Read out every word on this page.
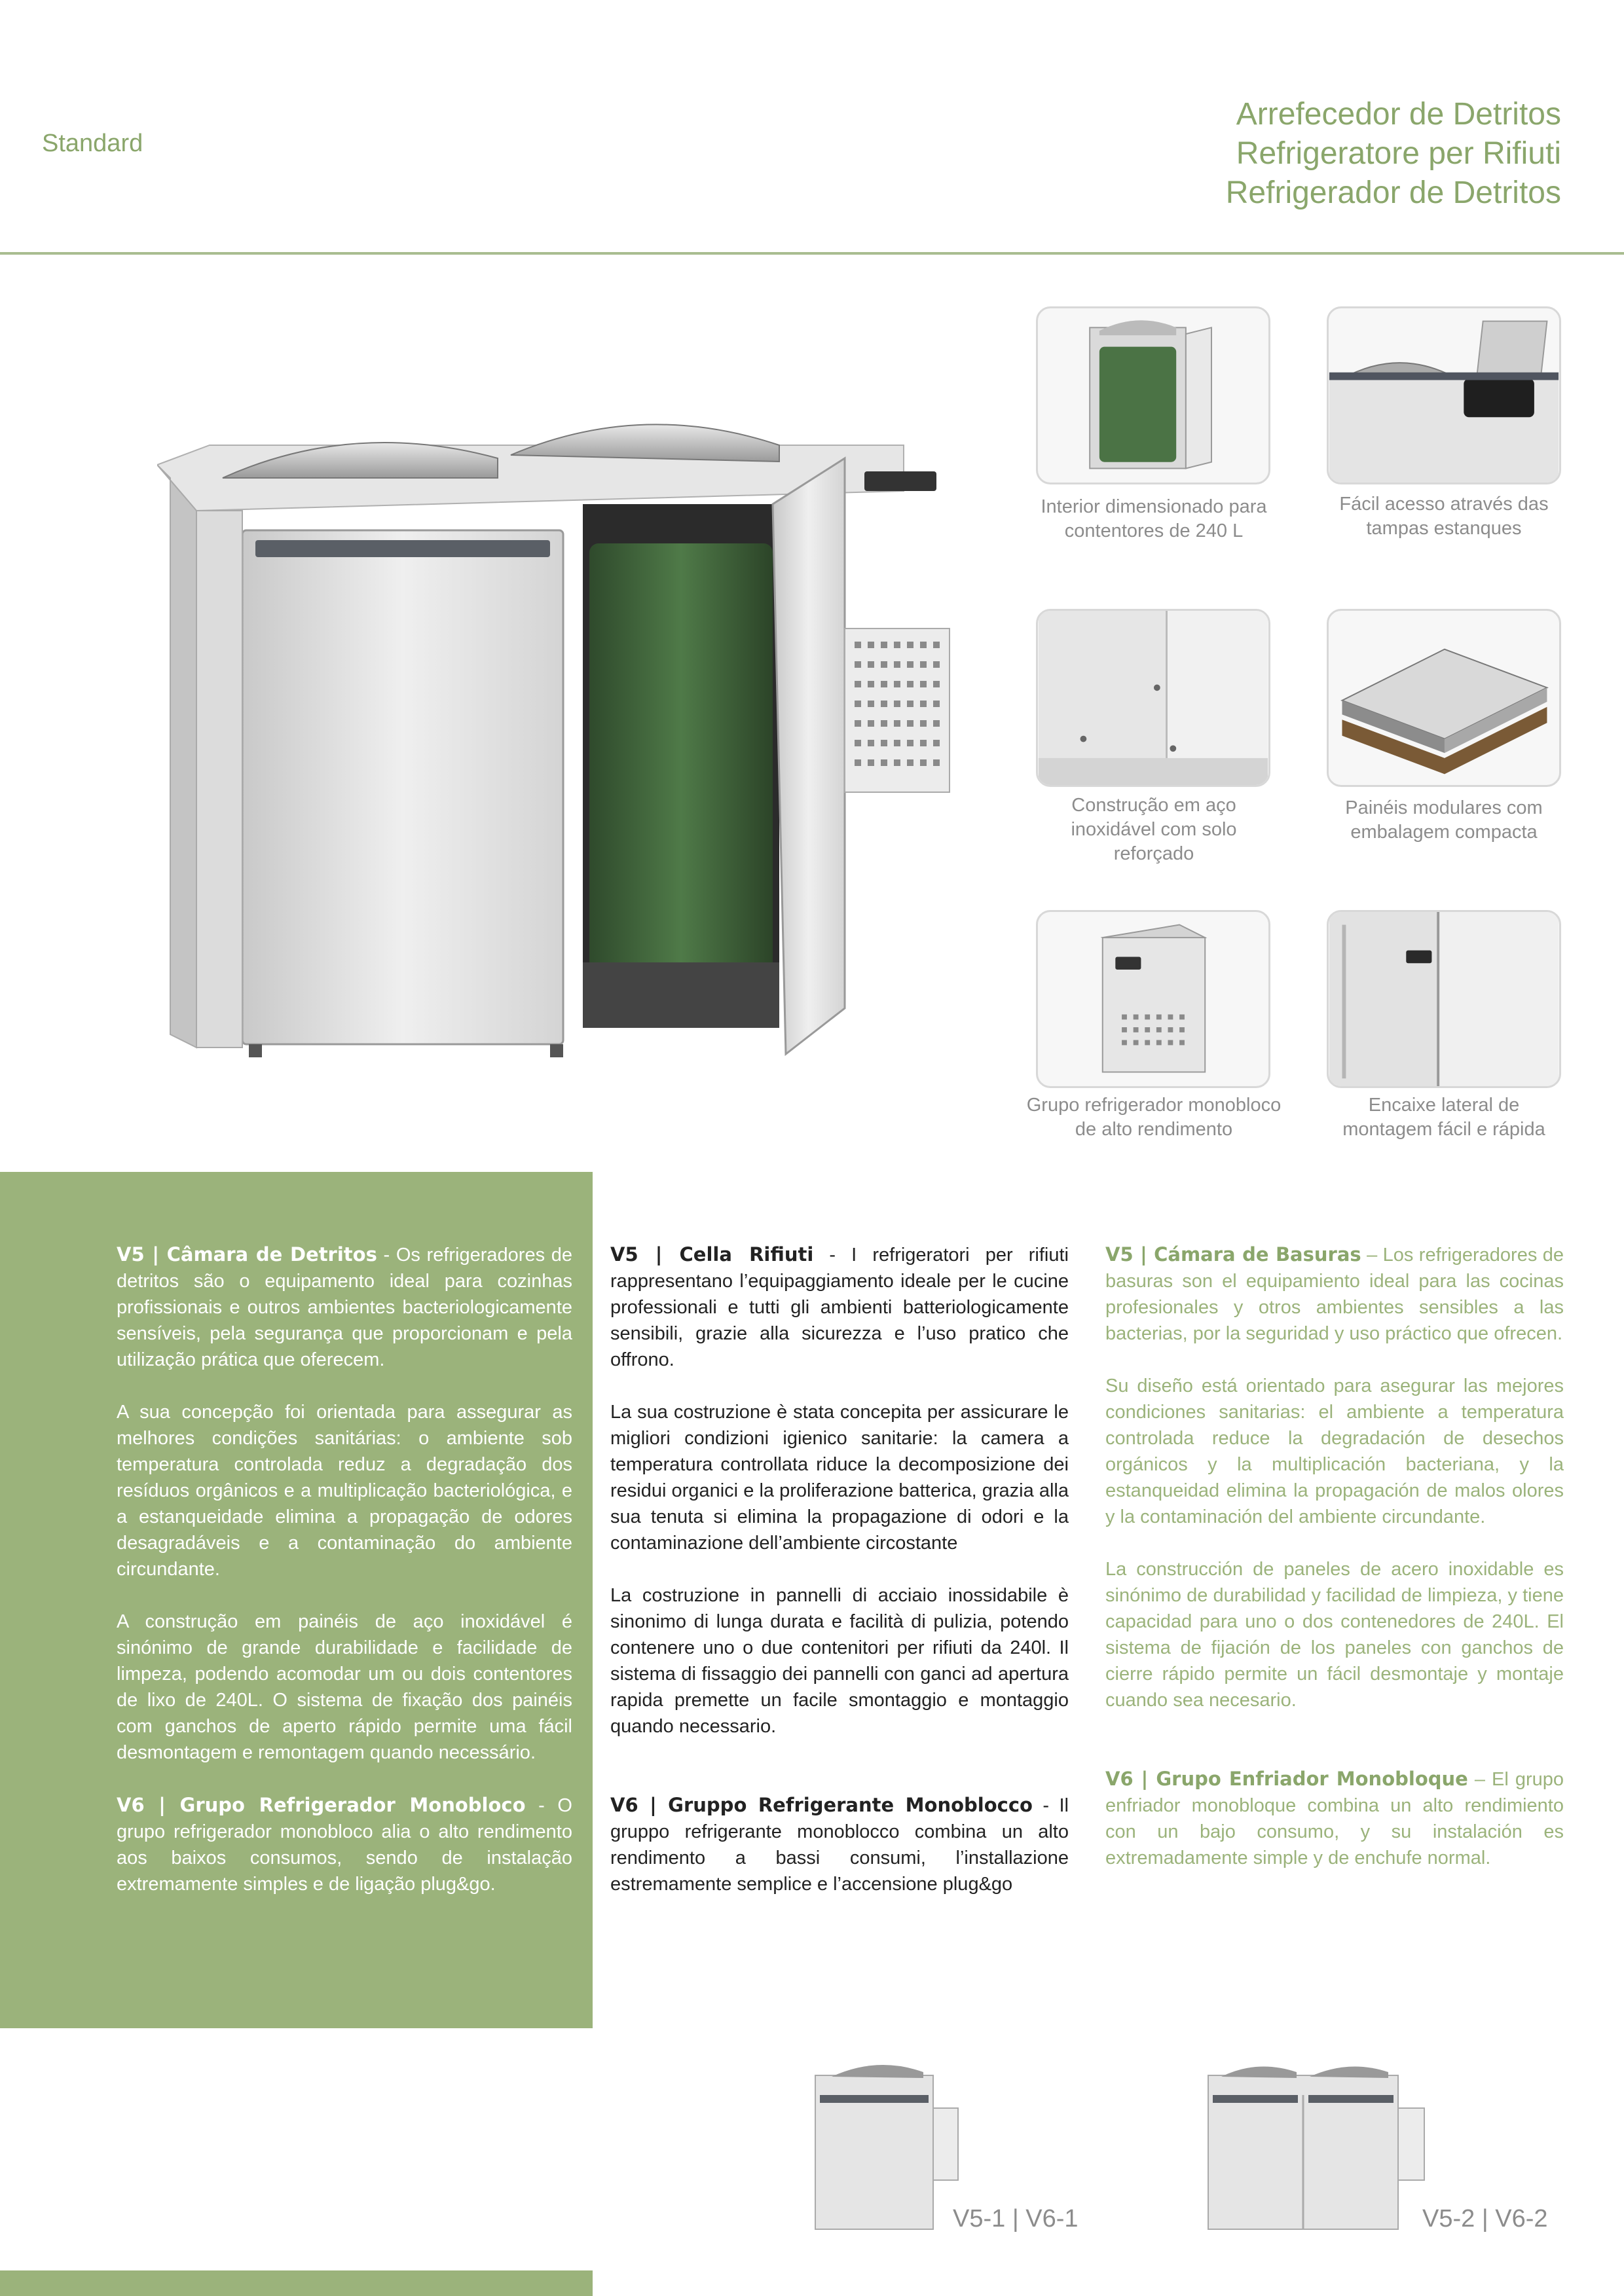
Standard
Arrefecedor de Detritos
Refrigeratore per Rifiuti
Refrigerador de Detritos
Interior dimensionado para
contentores de 240 L
Fácil acesso através das
tampas estanques
Construção em aço
inoxidável com solo
reforçado
Painéis modulares com
embalagem compacta
Grupo refrigerador monobloco
de alto rendimento
Encaixe lateral de
montagem fácil e rápida

V5 | Câmara de Detritos - Os refrigeradores de detritos são o equipamento ideal para cozinhas profissionais e outros ambientes bacteriologicamente sensíveis, pela segurança que proporcionam e pela utilização prática que oferecem.

A sua concepção foi orientada para assegurar as melhores condições sanitárias: o ambiente sob temperatura controlada reduz a degradação dos resíduos orgânicos e a multiplicação bacteriológica, e a estanqueidade elimina a propagação de odores desagradáveis e a contaminação do ambiente circundante.

A construção em painéis de aço inoxidável é sinónimo de grande durabilidade e facilidade de limpeza, podendo acomodar um ou dois contentores de lixo de 240L. O sistema de fixação dos painéis com ganchos de aperto rápido permite uma fácil desmontagem e remontagem quando necessário.

V6 | Grupo Refrigerador Monobloco - O grupo refrigerador monobloco alia o alto rendimento aos baixos consumos, sendo de instalação extremamente simples e de ligação plug&go.

V5 | Cella Rifiuti - I refrigeratori per rifiuti rappresentano l’equipaggiamento ideale per le cucine professionali e tutti gli ambienti batteriologicamente sensibili, grazie alla sicurezza e l’uso pratico che offrono.

La sua costruzione è stata concepita per assicurare le migliori condizioni igienico sanitarie: la camera a temperatura controllata riduce la decomposizione dei residui organici e la proliferazione batterica, grazia alla sua tenuta si elimina la propagazione di odori e la contaminazione dell’ambiente circostante

La costruzione in pannelli di acciaio inossidabile è sinonimo di lunga durata e facilità di pulizia, potendo contenere uno o due contenitori per rifiuti da 240l. Il sistema di fissaggio dei pannelli con ganci ad apertura rapida premette un facile smontaggio e montaggio quando necessario.

V6 | Gruppo Refrigerante Monoblocco - Il gruppo refrigerante monoblocco combina un alto rendimento a bassi consumi, l’installazione estremamente semplice e l’accensione plug&go

V5 | Cámara de Basuras – Los refrigeradores de basuras son el equipamiento ideal para las cocinas profesionales y otros ambientes sensibles a las bacterias, por la seguridad y uso práctico que ofrecen.

Su diseño está orientado para asegurar las mejores condiciones sanitarias: el ambiente a temperatura controlada reduce la degradación de desechos orgánicos y la multiplicación bacteriana, y la estanqueidad elimina la propagación de malos olores y la contaminación del ambiente circundante.

La construcción de paneles de acero inoxidable es sinónimo de durabilidad y facilidad de limpieza, y tiene capacidad para uno o dos contenedores de 240L. El sistema de fijación de los paneles con ganchos de cierre rápido permite un fácil desmontaje y montaje cuando sea necesario.

V6 | Grupo Enfriador Monobloque – El grupo enfriador monobloque combina un alto rendimiento con un bajo consumo, y su instalación es extremadamente simple y de enchufe normal.

V5-1 | V6-1	V5-2 | V6-2
